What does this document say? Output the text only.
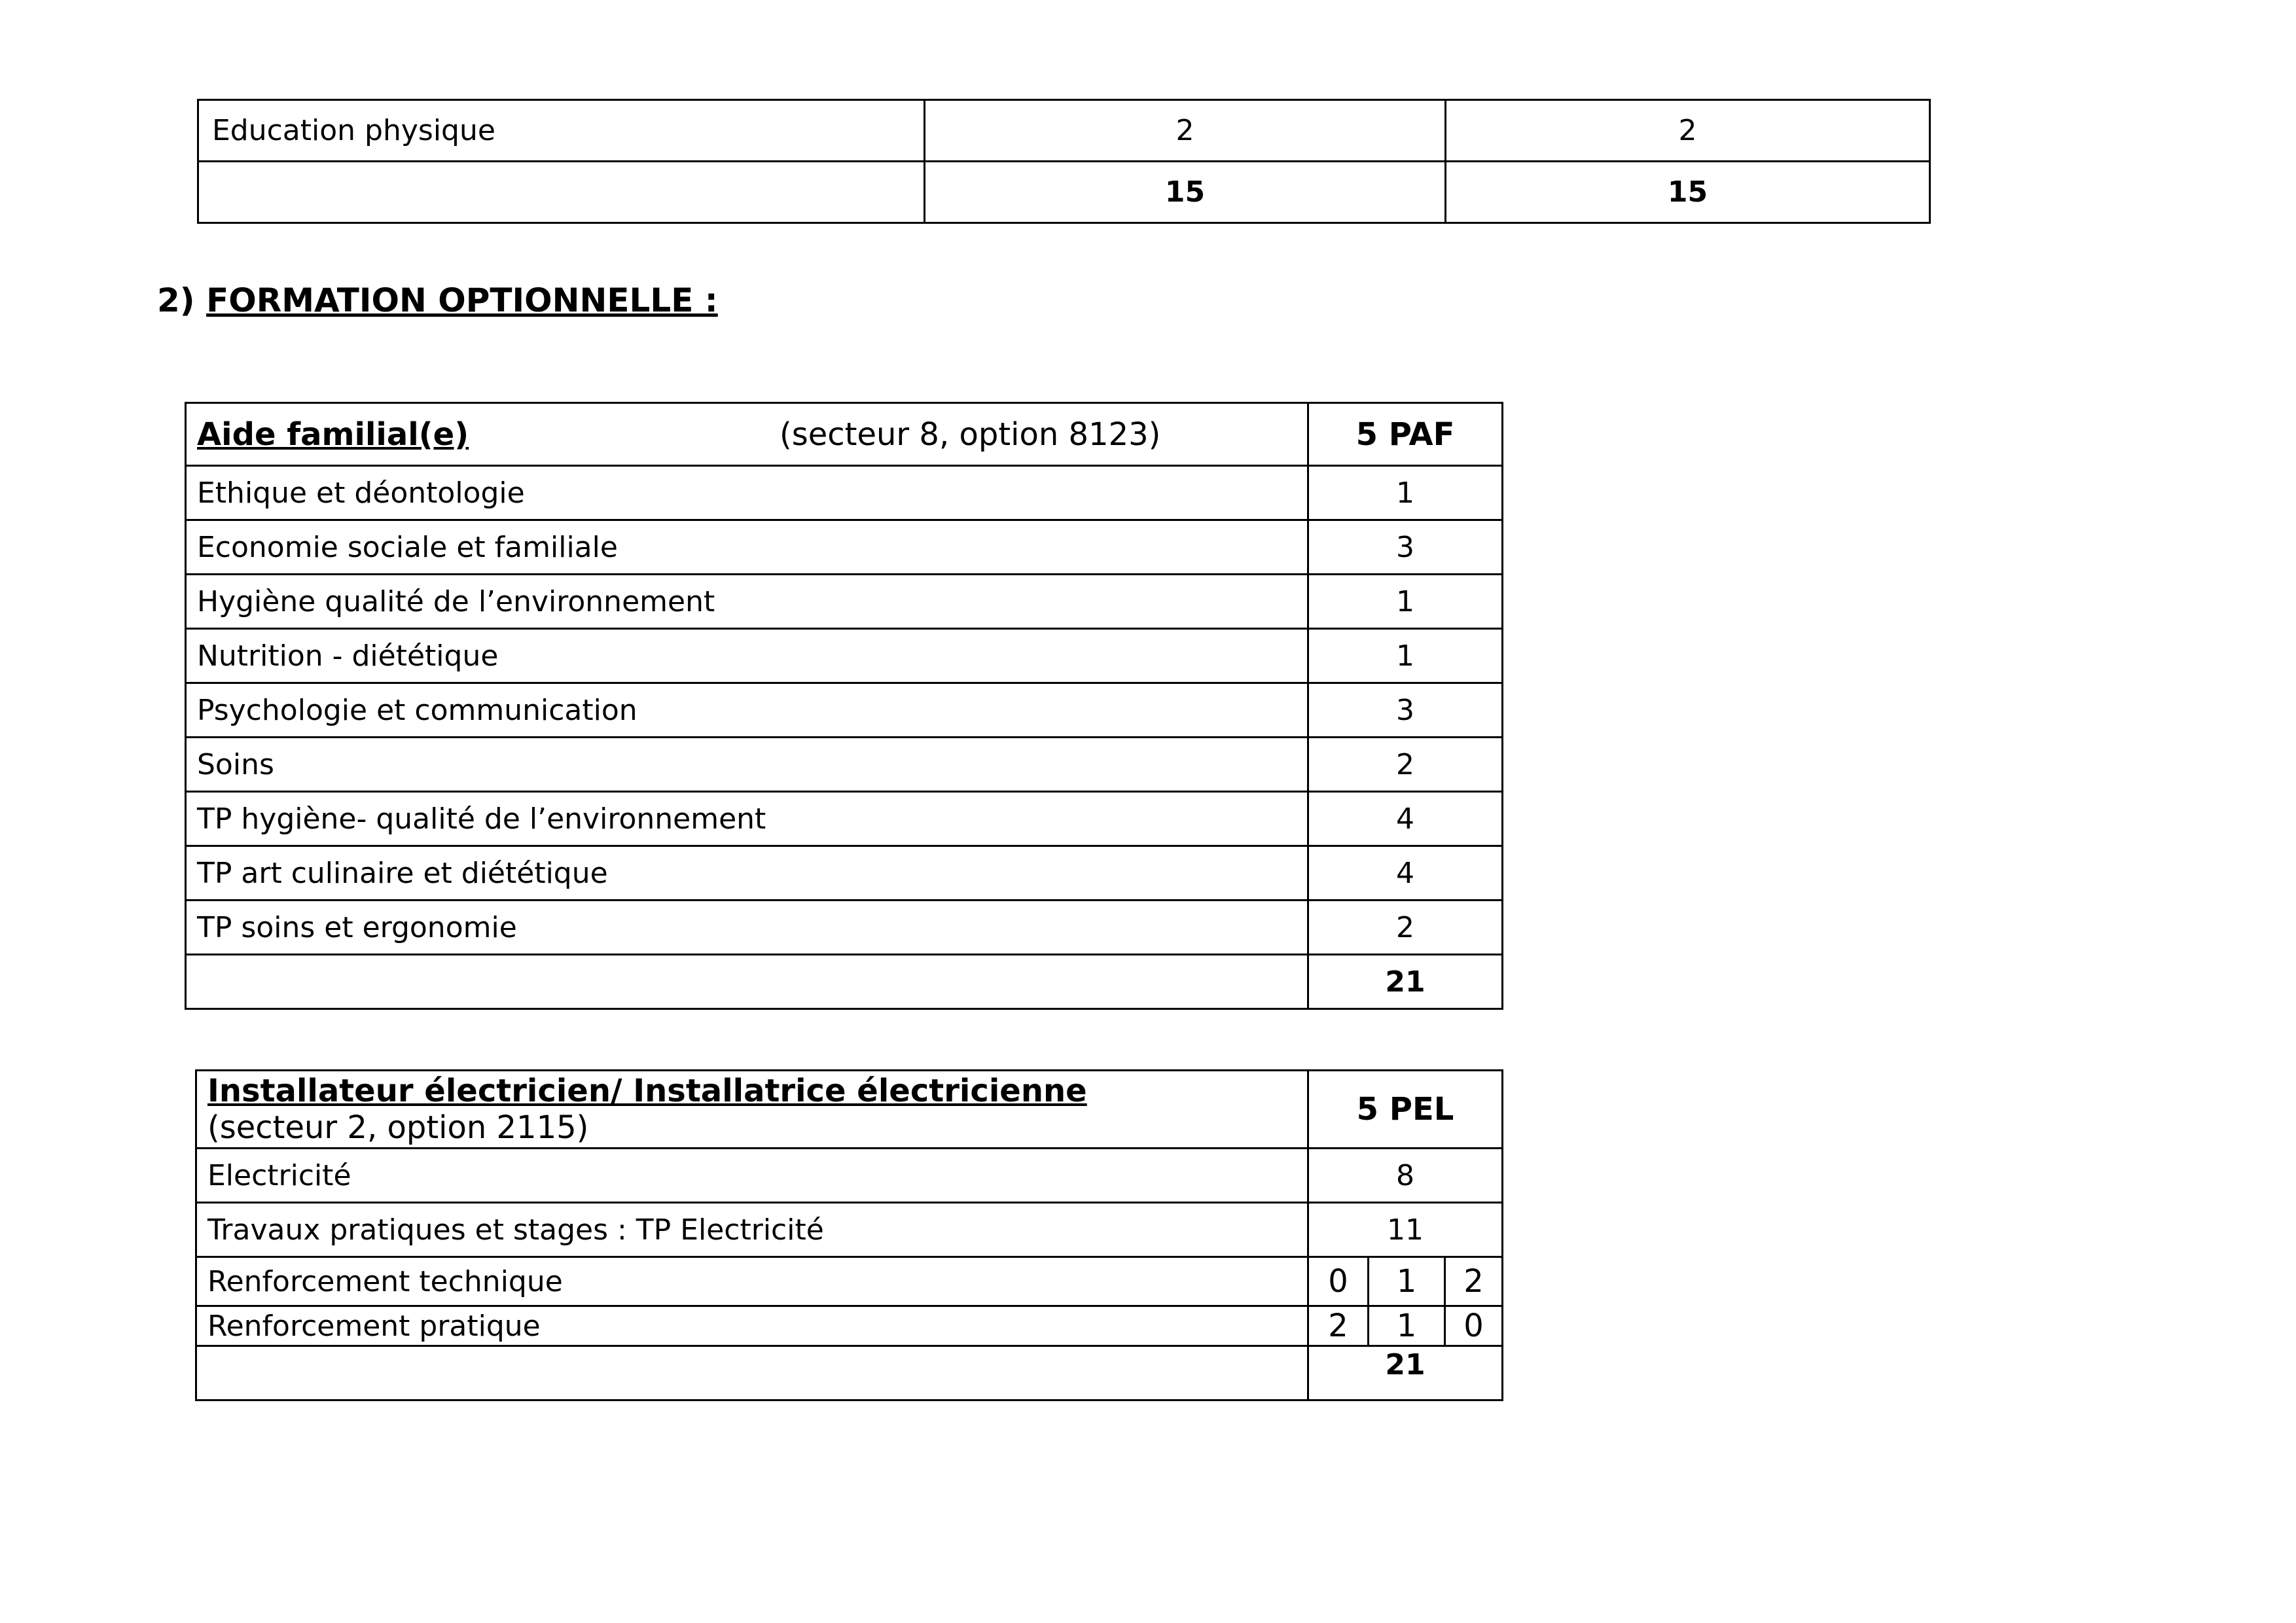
Education physique	2	2
	15	15
2) FORMATION OPTIONNELLE :
Aide familial(e) (secteur 8, option 8123)	5 PAF
Ethique et déontologie	1
Economie sociale et familiale	3
Hygiène qualité de l’environnement	1
Nutrition - diététique	1
Psychologie et communication	3
Soins	2
TP hygiène- qualité de l’environnement	4
TP art culinaire et diététique	4
TP soins et ergonomie	2
	21
Installateur électricien/ Installatrice électricienne
(secteur 2, option 2115)	5 PEL		
Electricité	8		
Travaux pratiques et stages : TP Electricité	11		
Renforcement technique	0	1	2
Renforcement pratique	2	1	0

	21		
